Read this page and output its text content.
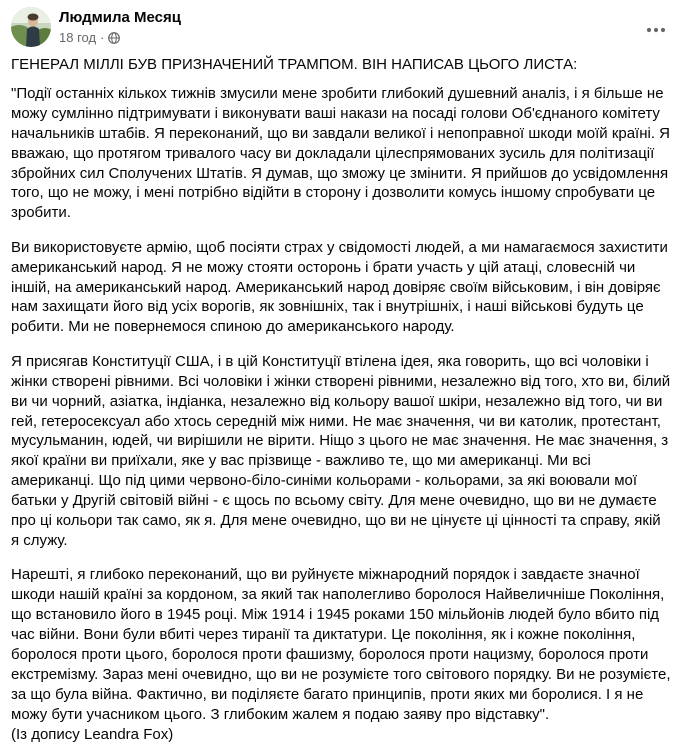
Людмила Месяц
18 год ·

ГЕНЕРАЛ МІЛЛІ БУВ ПРИЗНАЧЕНИЙ ТРАМПОМ. ВІН НАПИСАВ ЦЬОГО ЛИСТА:

"Події останніх кількох тижнів змусили мене зробити глибокий душевний аналіз, і я більше не можу сумлінно підтримувати і виконувати ваші накази на посаді голови Об'єднаного комітету начальників штабів. Я переконаний, що ви завдали великої і непоправної шкоди моїй країні. Я вважаю, що протягом тривалого часу ви докладали цілеспрямованих зусиль для політизації збройних сил Сполучених Штатів. Я думав, що зможу це змінити. Я прийшов до усвідомлення того, що не можу, і мені потрібно відійти в сторону і дозволити комусь іншому спробувати це зробити.

Ви використовуєте армію, щоб посіяти страх у свідомості людей, а ми намагаємося захистити американський народ. Я не можу стояти осторонь і брати участь у цій атаці, словесній чи іншій, на американський народ. Американський народ довіряє своїм військовим, і він довіряє нам захищати його від усіх ворогів, як зовнішніх, так і внутрішніх, і наші військові будуть це робити. Ми не повернемося спиною до американського народу.

Я присягав Конституції США, і в цій Конституції втілена ідея, яка говорить, що всі чоловіки і жінки створені рівними. Всі чоловіки і жінки створені рівними, незалежно від того, хто ви, білий ви чи чорний, азіатка, індіанка, незалежно від кольору вашої шкіри, незалежно від того, чи ви гей, гетеросексуал або хтось середній між ними. Не має значення, чи ви католик, протестант, мусульманин, юдей, чи вирішили не вірити. Ніщо з цього не має значення. Не має значення, з якої країни ви приїхали, яке у вас прізвище - важливо те, що ми американці. Ми всі американці. Що під цими червоно-біло-синіми кольорами - кольорами, за які воювали мої батьки у Другій світовій війні - є щось по всьому світу. Для мене очевидно, що ви не думаєте про ці кольори так само, як я. Для мене очевидно, що ви не цінуєте ці цінності та справу, якій я служу.

Нарешті, я глибоко переконаний, що ви руйнуєте міжнародний порядок і завдаєте значної шкоди нашій країні за кордоном, за який так наполегливо боролося Найвеличніше Покоління, що встановило його в 1945 році. Між 1914 і 1945 роками 150 мільйонів людей було вбито під час війни. Вони були вбиті через тиранії та диктатури. Це покоління, як і кожне покоління, боролося проти цього, боролося проти фашизму, боролося проти нацизму, боролося проти екстремізму. Зараз мені очевидно, що ви не розумієте того світового порядку. Ви не розумієте, за що була війна. Фактично, ви поділяєте багато принципів, проти яких ми боролися. І я не можу бути учасником цього. З глибоким жалем я подаю заяву про відставку".

(Із допису Leandra Fox)
